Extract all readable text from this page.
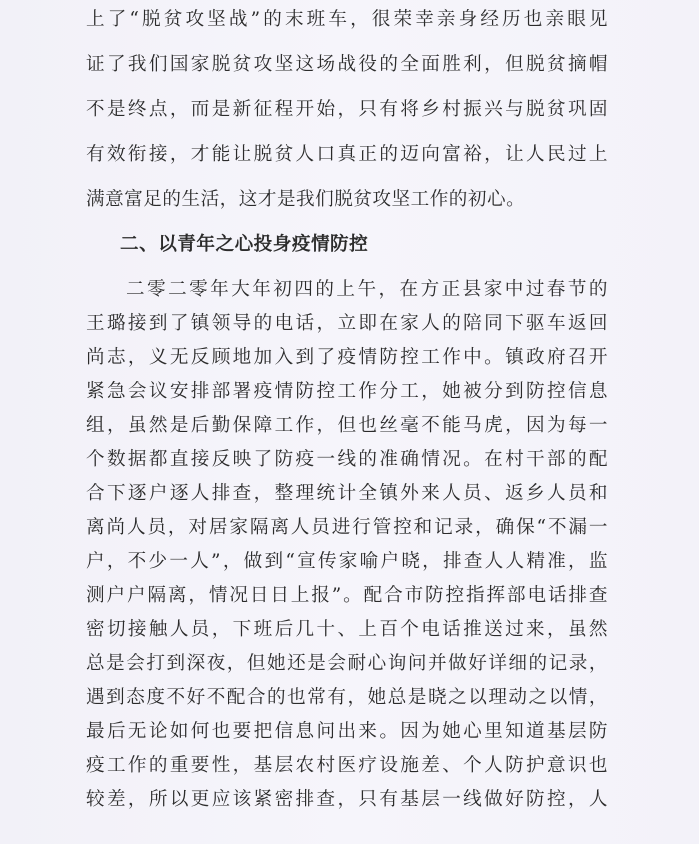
上了“脱贫攻坚战”的末班车，很荣幸亲身经历也亲眼见
证了我们国家脱贫攻坚这场战役的全面胜利，但脱贫摘帽
不是终点，而是新征程开始，只有将乡村振兴与脱贫巩固
有效衔接，才能让脱贫人口真正的迈向富裕，让人民过上
满意富足的生活，这才是我们脱贫攻坚工作的初心。
二、以青年之心投身疫情防控
二零二零年大年初四的上午，在方正县家中过春节的
王璐接到了镇领导的电话，立即在家人的陪同下驱车返回
尚志，义无反顾地加入到了疫情防控工作中。镇政府召开
紧急会议安排部署疫情防控工作分工，她被分到防控信息
组，虽然是后勤保障工作，但也丝毫不能马虎，因为每一
个数据都直接反映了防疫一线的准确情况。在村干部的配
合下逐户逐人排查，整理统计全镇外来人员、返乡人员和
离尚人员，对居家隔离人员进行管控和记录，确保“不漏一
户，不少一人”，做到“宣传家喻户晓，排查人人精准，监
测户户隔离，情况日日上报”。配合市防控指挥部电话排查
密切接触人员，下班后几十、上百个电话推送过来，虽然
总是会打到深夜，但她还是会耐心询问并做好详细的记录，
遇到态度不好不配合的也常有，她总是晓之以理动之以情，
最后无论如何也要把信息问出来。因为她心里知道基层防
疫工作的重要性，基层农村医疗设施差、个人防护意识也
较差，所以更应该紧密排查，只有基层一线做好防控，人
